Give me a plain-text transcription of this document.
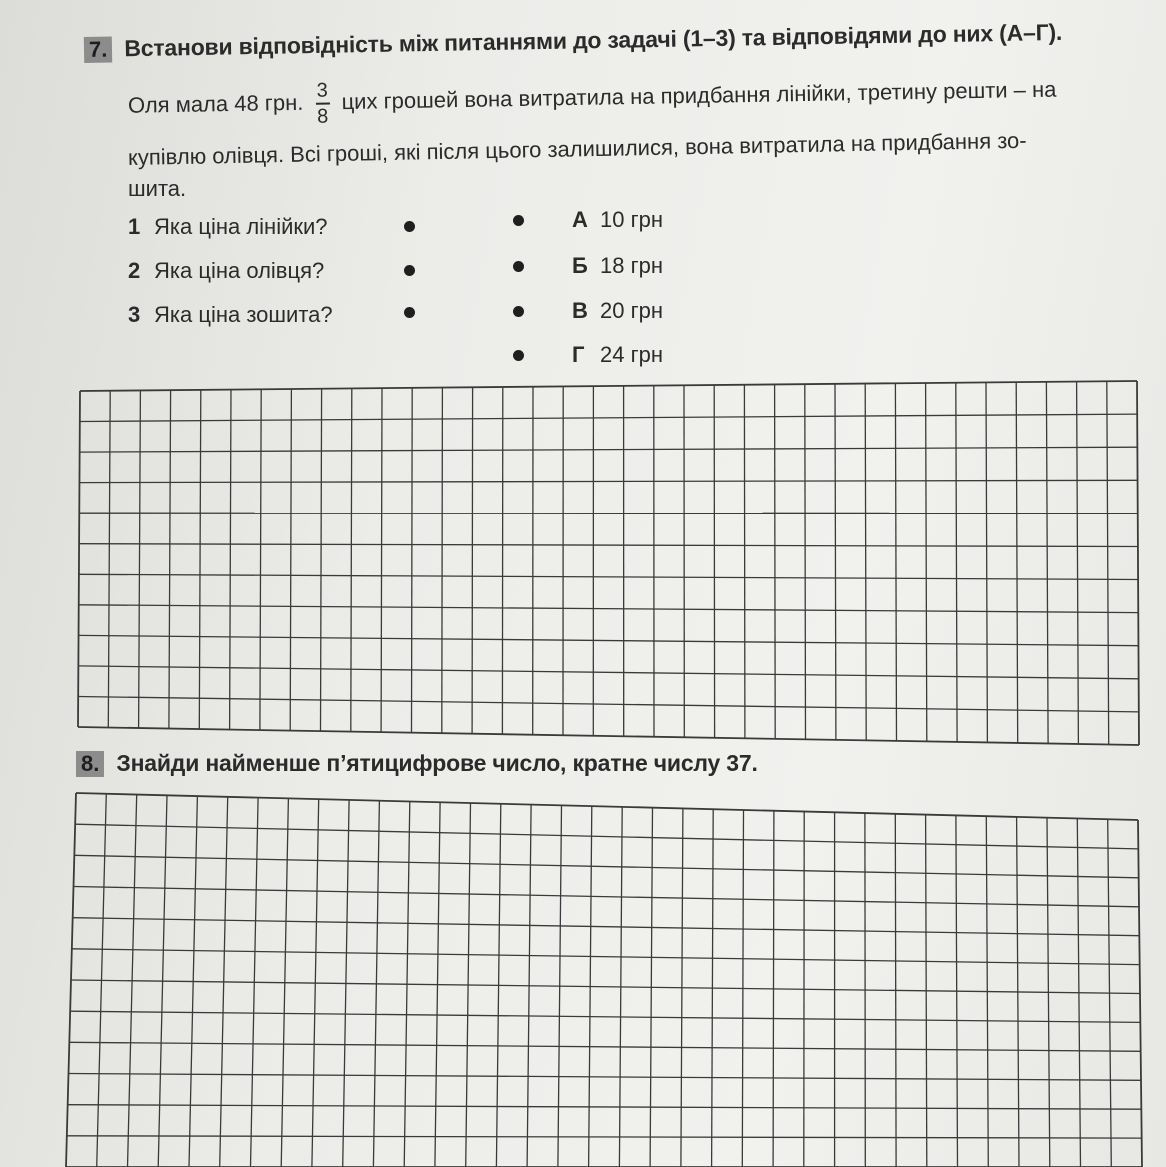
7. Встанови відповідність між питаннями до задачі (1–3) та відповідями до них (А–Г).
Оля мала 48 грн. $\frac{3}{8}$ цих грошей вона витратила на придбання лінійки, третину решти – на
купівлю олівця. Всі гроші, які після цього залишилися, вона витратила на придбання зо-
шита.
1 Яка ціна лінійки?
2 Яка ціна олівця?
3 Яка ціна зошита?
А 10 грн
Б 18 грн
В 20 грн
Г 24 грн
8. Знайди найменше п’ятицифрове число, кратне числу 37.
